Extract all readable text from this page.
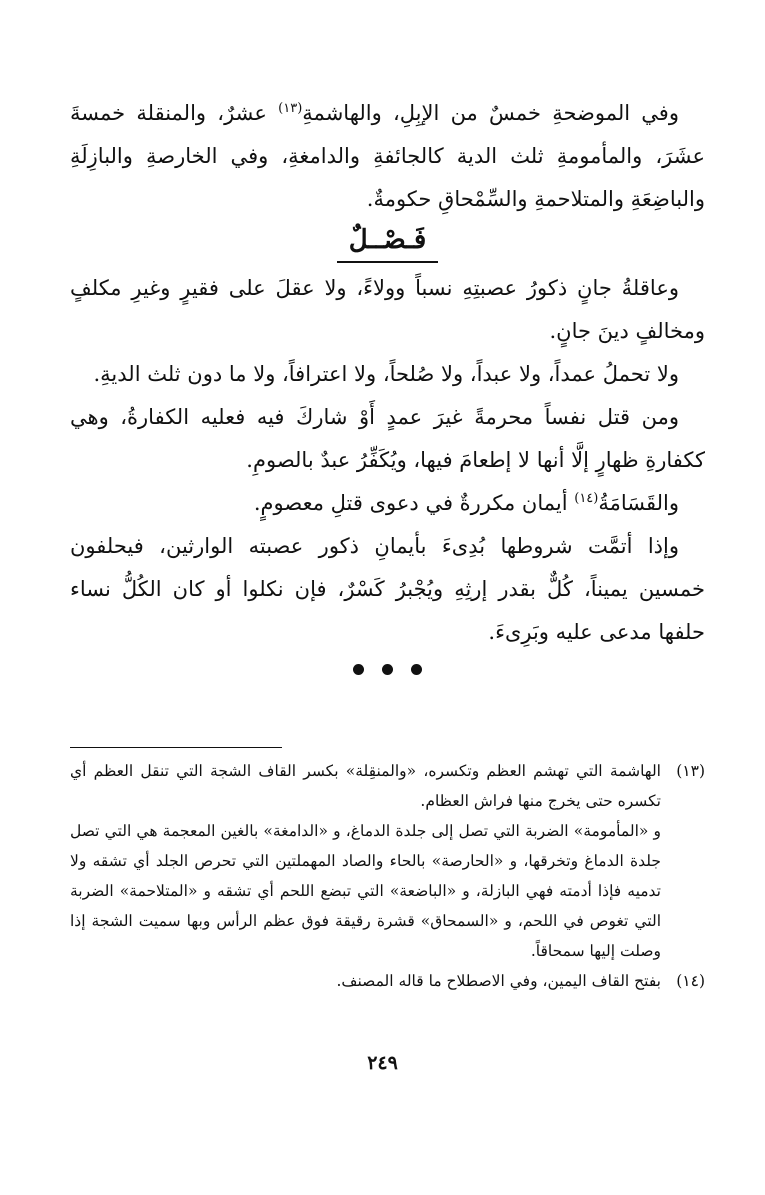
وفي الموضحةِ خمسٌ من الإبِلِ، والهاشمةِ$^{(١٣)}$ عشرٌ، والمنقلة خمسةَ عشَرَ، والمأمومةِ ثلث الدية كالجائفةِ والدامغةِ، وفي الخارصةِ والبازِلَةِ والباضِعَةِ والمتلاحمةِ والسِّمْحاقِ حكومةٌ.

فَـصْــلٌ

وعاقلةُ جانٍ ذكورُ عصبتِهِ نسباً وولاءً، ولا عقلَ على فقيرٍ وغيرِ مكلفٍ ومخالفٍ دينَ جانٍ.

ولا تحملُ عمداً، ولا عبداً، ولا صُلحاً، ولا اعترافاً، ولا ما دون ثلث الديةِ.

ومن قتل نفساً محرمةً غيرَ عمدٍ أَوْ شاركَ فيه فعليه الكفارةُ، وهي ككفارةِ ظهارٍ إلَّا أنها لا إطعامَ فيها، ويُكَفِّرُ عبدٌ بالصومِ.

والقَسَامَةُ$^{(١٤)}$ أيمان مكررةٌ في دعوى قتلِ معصومٍ.

وإذا أتمَّت شروطها بُدِىءَ بأيمانِ ذكور عصبته الوارثين، فيحلفون خمسين يميناً، كُلٌّ بقدر إرثِهِ ويُجْبرُ كَسْرٌ، فإن نكلوا أو كان الكُلُّ نساء حلفها مدعى عليه وبَرِىءَ.

(١٣)
الهاشمة التي تهشم العظم وتكسره، «والمنقِلة» بكسر القاف الشجة التي تنقل العظم أي تكسره حتى يخرج منها فراش العظام.

و «المأمومة» الضربة التي تصل إلى جلدة الدماغ، و «الدامغة» بالغين المعجمة هي التي تصل جلدة الدماغ وتخرقها، و «الحارصة» بالحاء والصاد المهملتين التي تحرص الجلد أي تشقه ولا تدميه فإذا أدمته فهي البازلة، و «الباضعة» التي تبضع اللحم أي تشقه و «المتلاحمة» الضربة التي تغوص في اللحم، و «السمحاق» قشرة رقيقة فوق عظم الرأس وبها سميت الشجة إذا وصلت إليها سمحاقاً.

(١٤)
بفتح القاف اليمين، وفي الاصطلاح ما قاله المصنف.

٢٤٩
